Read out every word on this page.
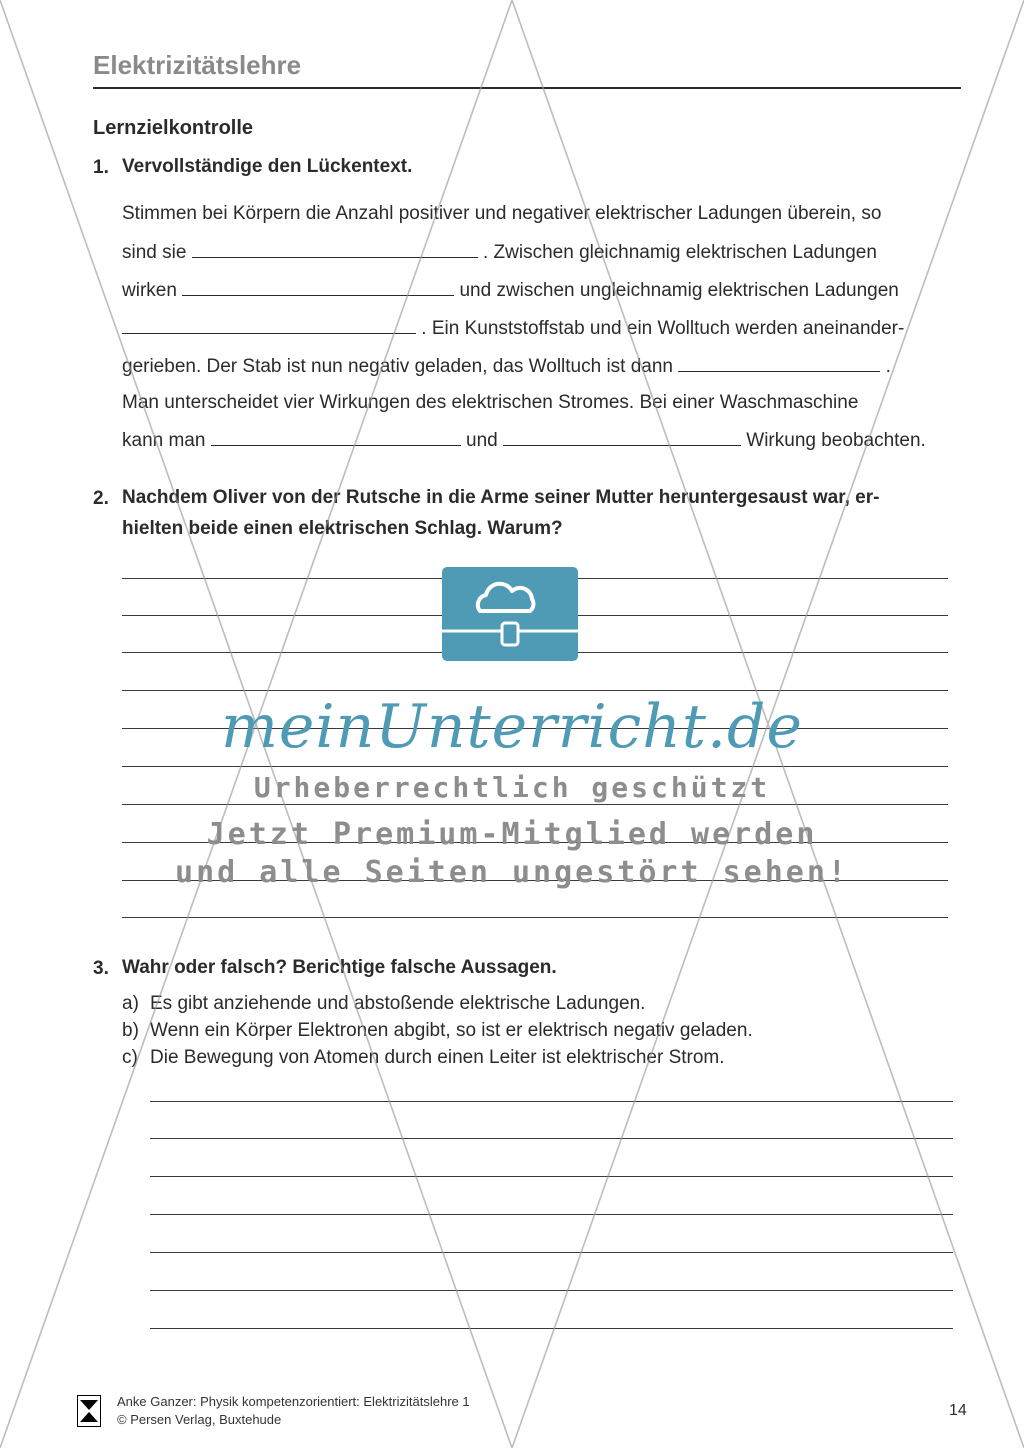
Elektrizitätslehre
Lernzielkontrolle
1. Vervollständige den Lückentext.
Stimmen bei Körpern die Anzahl positiver und negativer elektrischer Ladungen überein, so
sind sie	. Zwischen gleichnamig elektrischen Ladungen
wirken	und zwischen ungleichnamig elektrischen Ladungen
. Ein Kunststoffstab und ein Wolltuch werden aneinander-
gerieben. Der Stab ist nun negativ geladen, das Wolltuch ist dann	.
Man unterscheidet vier Wirkungen des elektrischen Stromes. Bei einer Waschmaschine
kann man	und	Wirkung beobachten.
2. Nachdem Oliver von der Rutsche in die Arme seiner Mutter heruntergesaust war, er-
hielten beide einen elektrischen Schlag. Warum?
3. Wahr oder falsch? Berichtige falsche Aussagen.
a) Es gibt anziehende und abstoßende elektrische Ladungen.
b) Wenn ein Körper Elektronen abgibt, so ist er elektrisch negativ geladen.
c) Die Bewegung von Atomen durch einen Leiter ist elektrischer Strom.
Anke Ganzer: Physik kompetenzorientiert: Elektrizitätslehre 1
© Persen Verlag, Buxtehude
14
meinUnterricht.de
Urheberrechtlich geschützt
Jetzt Premium-Mitglied werden
und alle Seiten ungestört sehen!
